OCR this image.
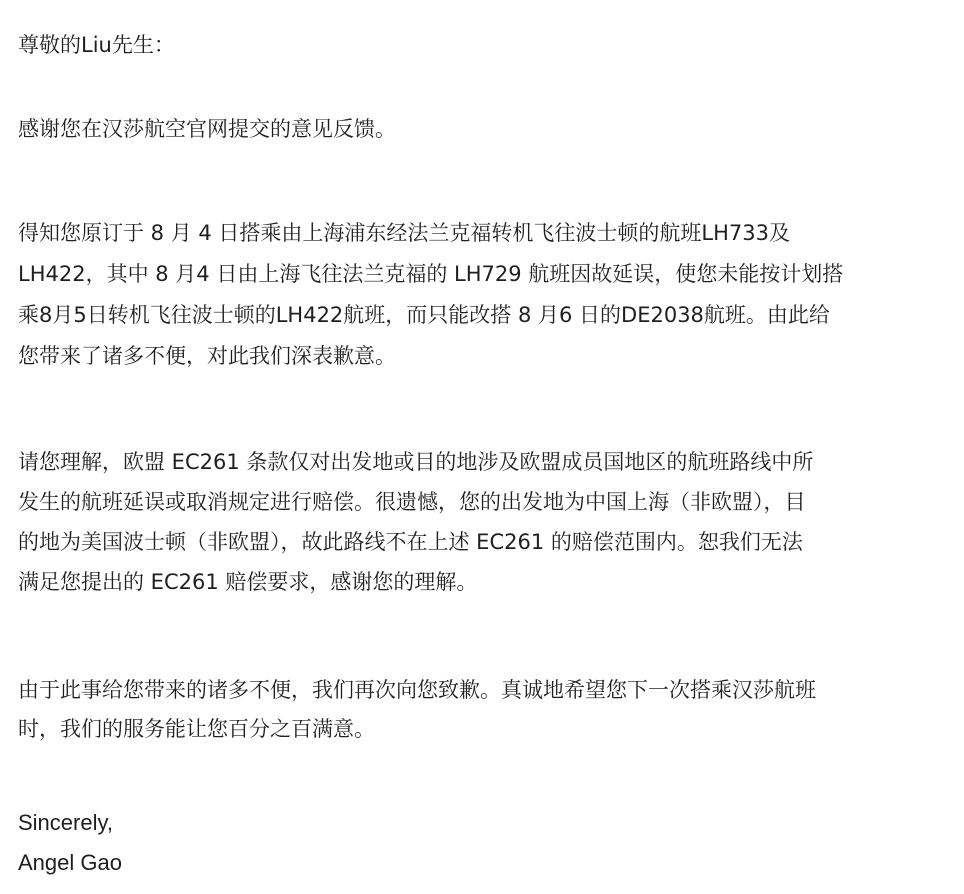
尊敬的Liu先生：
感谢您在汉莎航空官网提交的意见反馈。
得知您原订于 8 月 4 日搭乘由上海浦东经法兰克福转机飞往波士顿的航班LH733及
LH422，其中 8 月4 日由上海飞往法兰克福的 LH729 航班因故延误，使您未能按计划搭
乘8月5日转机飞往波士顿的LH422航班，而只能改搭 8 月6 日的DE2038航班。由此给
您带来了诸多不便，对此我们深表歉意。
请您理解，欧盟 EC261 条款仅对出发地或目的地涉及欧盟成员国地区的航班路线中所
发生的航班延误或取消规定进行赔偿。很遗憾，您的出发地为中国上海（非欧盟），目
的地为美国波士顿（非欧盟），故此路线不在上述 EC261 的赔偿范围内。恕我们无法
满足您提出的 EC261 赔偿要求，感谢您的理解。
由于此事给您带来的诸多不便，我们再次向您致歉。真诚地希望您下一次搭乘汉莎航班
时，我们的服务能让您百分之百满意。
Sincerely,
Angel Gao
